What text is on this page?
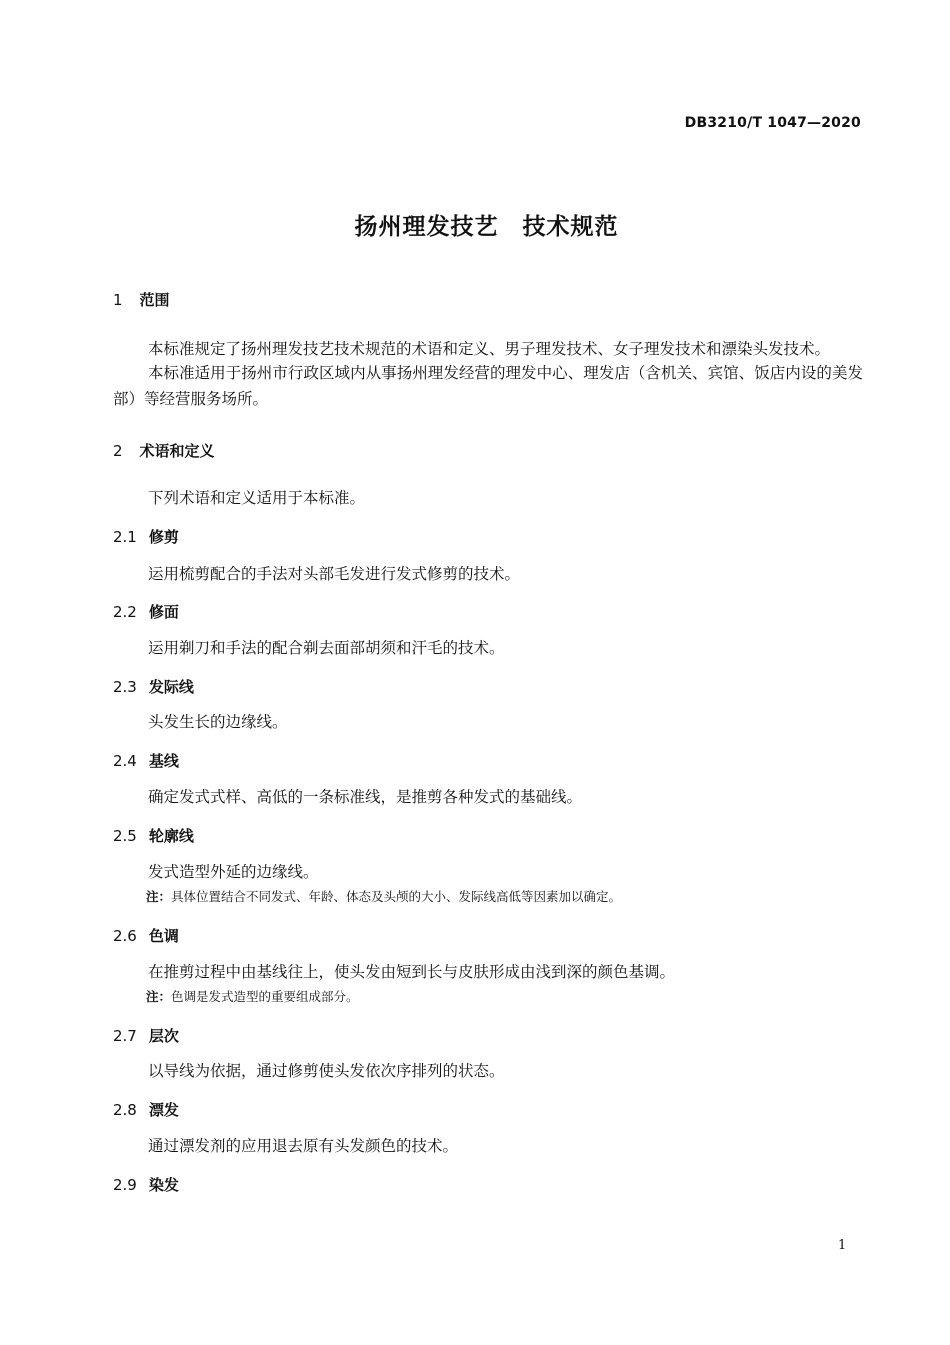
DB3210/T 1047—2020
扬州理发技艺　技术规范
1 范围
本标准规定了扬州理发技艺技术规范的术语和定义、男子理发技术、女子理发技术和漂染头发技术。
本标准适用于扬州市行政区域内从事扬州理发经营的理发中心、理发店（含机关、宾馆、饭店内设的美发部）等经营服务场所。
2 术语和定义
下列术语和定义适用于本标准。
2.1 修剪
运用梳剪配合的手法对头部毛发进行发式修剪的技术。
2.2 修面
运用剃刀和手法的配合剃去面部胡须和汗毛的技术。
2.3 发际线
头发生长的边缘线。
2.4 基线
确定发式式样、高低的一条标准线，是推剪各种发式的基础线。
2.5 轮廓线
发式造型外延的边缘线。
注：具体位置结合不同发式、年龄、体态及头颅的大小、发际线高低等因素加以确定。
2.6 色调
在推剪过程中由基线往上，使头发由短到长与皮肤形成由浅到深的颜色基调。
注：色调是发式造型的重要组成部分。
2.7 层次
以导线为依据，通过修剪使头发依次序排列的状态。
2.8 漂发
通过漂发剂的应用退去原有头发颜色的技术。
2.9 染发
1
